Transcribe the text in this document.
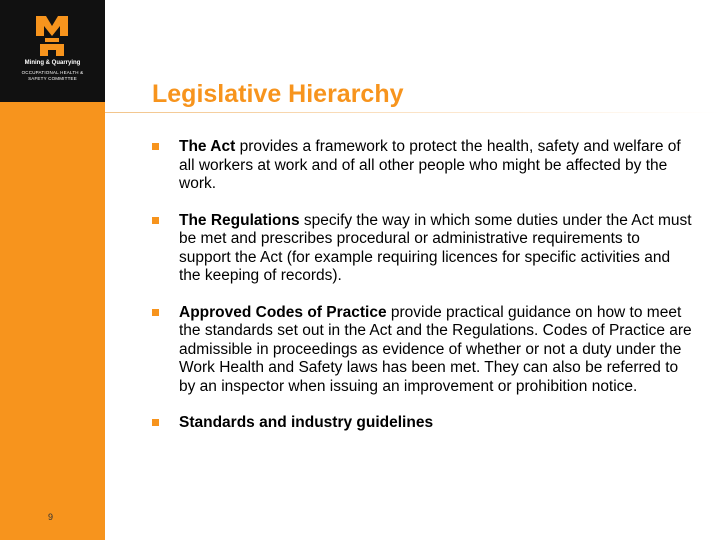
Mining & Quarrying
OCCUPATIONAL HEALTH &
SAFETY COMMITTEE
9
Legislative Hierarchy
The Act provides a framework to protect the health, safety and welfare of all workers at work and of all other people who might be affected by the work.
The Regulations specify the way in which some duties under the Act must be met and prescribes procedural or administrative requirements to support the Act (for example requiring licences for specific activities and the keeping of records).
Approved Codes of Practice provide practical guidance on how to meet the standards set out in the Act and the Regulations. Codes of Practice are admissible in proceedings as evidence of whether or not a duty under the Work Health and Safety laws has been met. They can also be referred to by an inspector when issuing an improvement or prohibition notice.
Standards and industry guidelines
